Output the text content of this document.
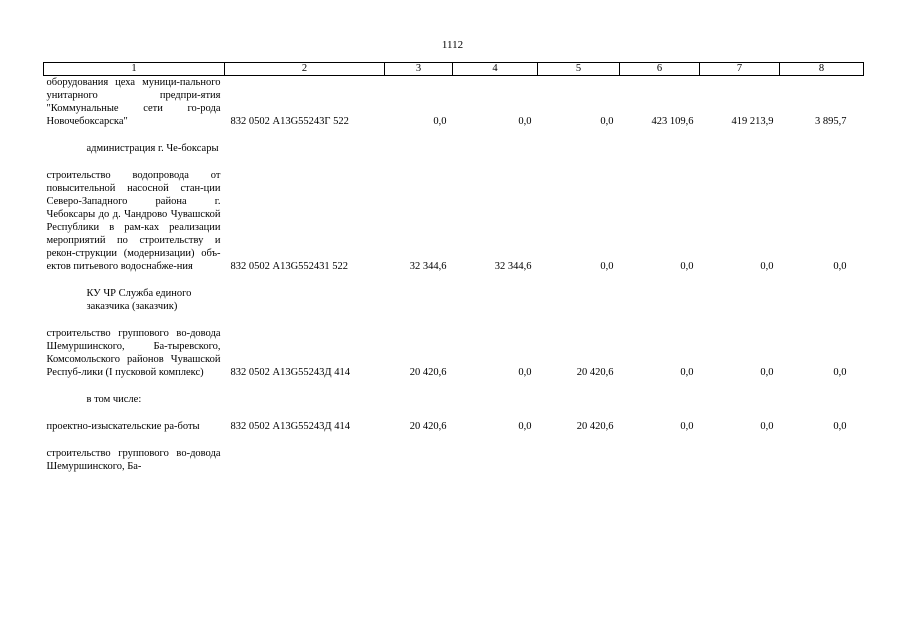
1112
1	2	3	4	5	6	7	8
оборудования цеха муници-пального унитарного предпри-ятия "Коммунальные сети го-рода Новочебоксарска"	832 0502 А13G55243Г 522	0,0	0,0	0,0	423 109,6	419 213,9	3 895,7

администрация г. Че-боксары							

строительство водопровода от повысительной насосной стан-ции Северо-Западного района г. Чебоксары до д. Чандрово Чувашской Республики в рам-ках реализации мероприятий по строительству и рекон-струкции (модернизации) объ-ектов питьевого водоснабже-ния	832 0502 А13G552431 522	32 344,6	32 344,6	0,0	0,0	0,0	0,0

КУ ЧР Служба единого заказчика (заказчик)							

строительство группового во-довода Шемуршинского, Ба-тыревского, Комсомольского районов Чувашской Респуб-лики (I пусковой комплекс)	832 0502 А13G55243Д 414	20 420,6	0,0	20 420,6	0,0	0,0	0,0

в том числе:							

проектно-изыскательские ра-боты	832 0502 А13G55243Д 414	20 420,6	0,0	20 420,6	0,0	0,0	0,0

строительство группового во-довода Шемуршинского, Ба-							
